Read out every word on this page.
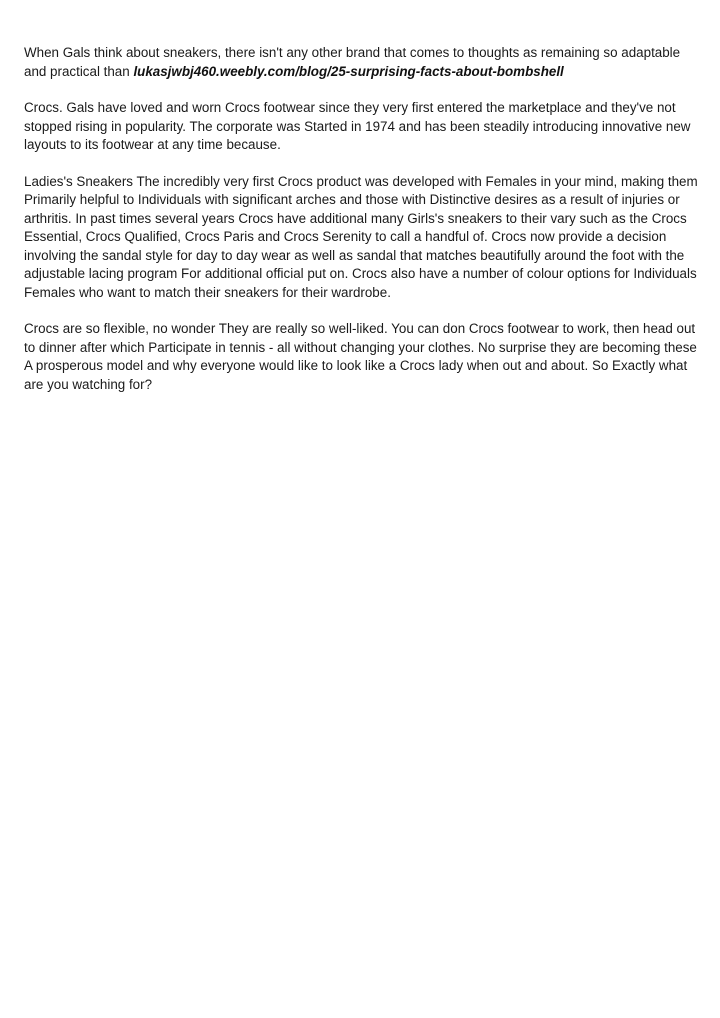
When Gals think about sneakers, there isn't any other brand that comes to thoughts as remaining so adaptable and practical than lukasjwbj460.weebly.com/blog/25-surprising-facts-about-bombshell

Crocs. Gals have loved and worn Crocs footwear since they very first entered the marketplace and they've not stopped rising in popularity. The corporate was Started in 1974 and has been steadily introducing innovative new layouts to its footwear at any time because.

Ladies's Sneakers The incredibly very first Crocs product was developed with Females in your mind, making them Primarily helpful to Individuals with significant arches and those with Distinctive desires as a result of injuries or arthritis. In past times several years Crocs have additional many Girls's sneakers to their vary such as the Crocs Essential, Crocs Qualified, Crocs Paris and Crocs Serenity to call a handful of. Crocs now provide a decision involving the sandal style for day to day wear as well as sandal that matches beautifully around the foot with the adjustable lacing program For additional official put on. Crocs also have a number of colour options for Individuals Females who want to match their sneakers for their wardrobe.

Crocs are so flexible, no wonder They are really so well-liked. You can don Crocs footwear to work, then head out to dinner after which Participate in tennis - all without changing your clothes. No surprise they are becoming these A prosperous model and why everyone would like to look like a Crocs lady when out and about. So Exactly what are you watching for?
